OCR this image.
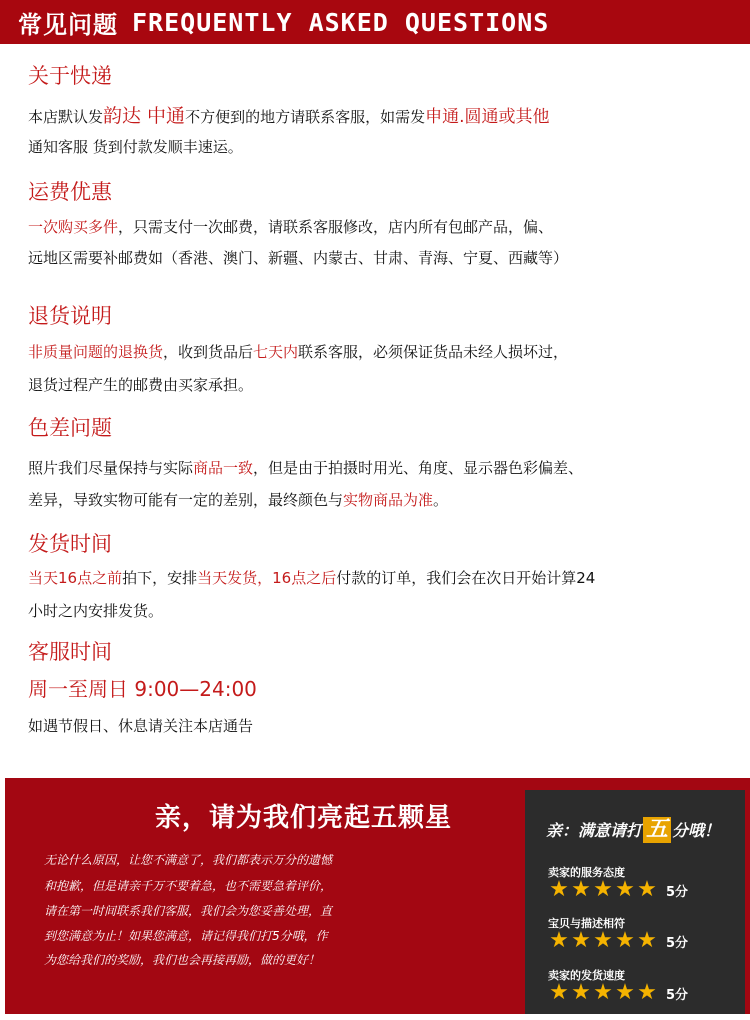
常见问题 FREQUENTLY ASKED QUESTIONS
关于快递
本店默认发韵达 中通不方便到的地方请联系客服，如需发申通.圆通或其他
通知客服 货到付款发顺丰速运。
运费优惠
一次购买多件，只需支付一次邮费，请联系客服修改，店内所有包邮产品，偏、
远地区需要补邮费如（香港、澳门、新疆、内蒙古、甘肃、青海、宁夏、西藏等）
退货说明
非质量问题的退换货，收到货品后七天内联系客服，必须保证货品未经人损坏过，
退货过程产生的邮费由买家承担。
色差问题
照片我们尽量保持与实际商品一致，但是由于拍摄时用光、角度、显示器色彩偏差、
差异，导致实物可能有一定的差别，最终颜色与实物商品为准。
发货时间
当天16点之前拍下，安排当天发货，16点之后付款的订单，我们会在次日开始计算24
小时之内安排发货。
客服时间
周一至周日 9:00—24:00
如遇节假日、休息请关注本店通告
亲，请为我们亮起五颗星
无论什么原因，让您不满意了，我们都表示万分的遗憾
和抱歉，但是请亲千万不要着急，也不需要急着评价，
请在第一时间联系我们客服，我们会为您妥善处理，直
到您满意为止！如果您满意，请记得我们打5分哦，作
为您给我们的奖励，我们也会再接再励，做的更好！
亲：满意请打 五 分哦！
卖家的服务态度
★ ★ ★ ★ ★ 5分
宝贝与描述相符
★ ★ ★ ★ ★ 5分
卖家的发货速度
★ ★ ★ ★ ★ 5分
